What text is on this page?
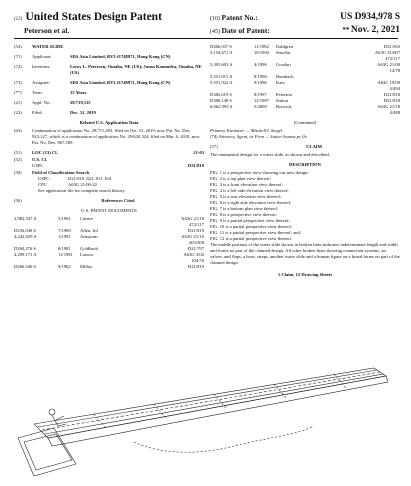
(12) United States Design Patent
Peterson et al.
(10) Patent No.:	US D934,978 S
(45) Date of Patent:	** Nov. 2, 2021
(54)	WATER SLIDE
(71)	Applicant:	SDS Asia Limited, BVI #1748971, Hong Kong (CN)
(72)	Inventors:	Leroy L. Peterson, Omaha, NE (US); Jason Kouandra, Omaha, NE (US)
(73)	Assignee:	SDS Asia Limited, BVI #1748971, Hong Kong (CN)
(**)	Term:	15 Years
(21)	Appl. No.:	29/719,115
(22)	Filed:	Dec. 31, 2019
Related U.S. Application Data
(63)	Continuation of application No. 29/711,493, filed on Oct. 31, 2019, now Pat. No. Des. 923,127, which is a continuation of application No. 29/630,324, filed on Mar. 6, 2018, now Pat. No. Des. 867,509.
(51)	LOC (13) Cl.	21-03
(52)	U.S. Cl.
USPC	D21/819
(58)	Field of Classification Search
USPC	D21/818, 822, 811, 814
CPC	A63G 21/00-22
See application file for complete search history.
(56)	References Cited
U.S. PATENT DOCUMENTS
2,982,547 A	5/1961	Carrier	A63G 21/18
472/117
D256,048 S	7/1980	Allen, Jnl	D21/819
4,242,829 A	1/1981	Arnstrom	A63G 21/16
403/300
D260,276 S	8/1981	Goldbach	D21/797
4,299,171 A	11/1981	Larson	A63G 3/02
104/70
D266,346 S	9/1982	Millay	D21/819
D266,937 S	11/1982	Dahlgren	D21/565
5,154,671 A	10/1992	Smollar	A63G 31/007
472/117
5,305,603 A	4/1996	Goodart	A63G 21/00
14/78
5,551,011 A	8/1996	Rumbach
5,551,922 A	9/1996	Katz	A63C 19/00
4/494
D382,619 S	8/1997	Peterson	D21/818
D388,148 S	12/1997	Sutton	D21/818
6,062,993 A	5/2000	Botwick	A63G 21/18
4/488
(Continued)
Primary Examiner — Mitchell I. Siegel
(74) Attorney, Agent, or Firm — Suiter Swantz pc llo
(57)	CLAIM
The ornamental design for a water slide, as shown and described.
DESCRIPTION

FIG. 1 is a perspective view showing our new design;

FIG. 2 is a top plan view thereof;

FIG. 3 is a front elevation view thereof;

FIG. 4 is a left side elevation view thereof;

FIG. 5 is a rear elevation view thereof;

FIG. 6 is a right side elevation view thereof;

FIG. 7 is a bottom plan view thereof;

FIG. 8 is a perspective view thereof;

FIG. 9 is a partial perspective view thereof;

FIG. 10 is a partial perspective view thereof;

FIG. 11 is a partial perspective view thereof; and,

FIG. 12 is a partial perspective view thereof.

The middle portions of the water slide shown in broken lines indicates indeterminate length and width and forms no part of the claimed design. All other broken lines showing connection systems, air valves, and flaps, a hose, straps, another water slide and a human figure on a board forms no part of the claimed design.
1 Claim, 12 Drawing Sheets
